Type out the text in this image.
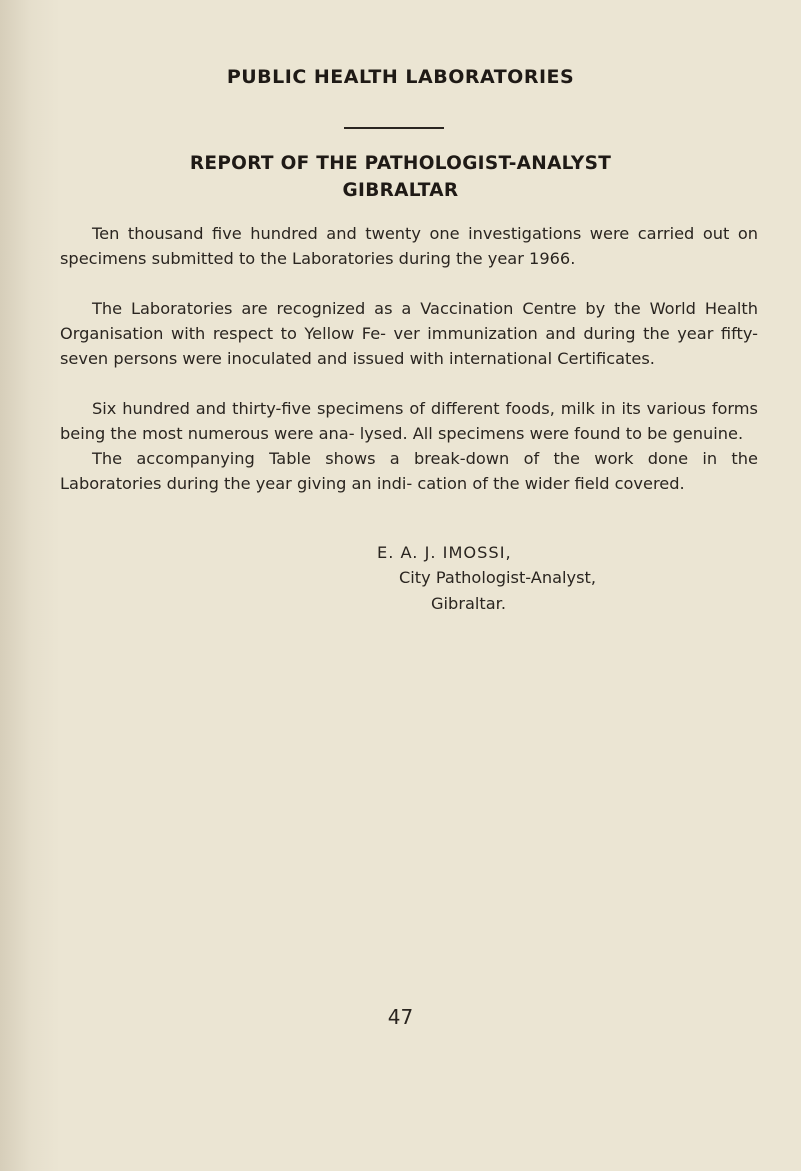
PUBLIC HEALTH LABORATORIES
REPORT OF THE PATHOLOGIST-ANALYST
GIBRALTAR

Ten thousand five hundred and twenty one investigations were carried out on specimens submitted to the Laboratories during the year 1966.

The Laboratories are recognized as a Vaccination Centre by the World Health Organisation with respect to Yellow Fe- ver immunization and during the year fifty-seven persons were inoculated and issued with international Certificates.

Six hundred and thirty-five specimens of different foods, milk in its various forms being the most numerous were ana- lysed. All specimens were found to be genuine.

The accompanying Table shows a break-down of the work done in the Laboratories during the year giving an indi- cation of the wider field covered.

E. A. J. IMOSSI,
City Pathologist-Analyst,
Gibraltar.
47
